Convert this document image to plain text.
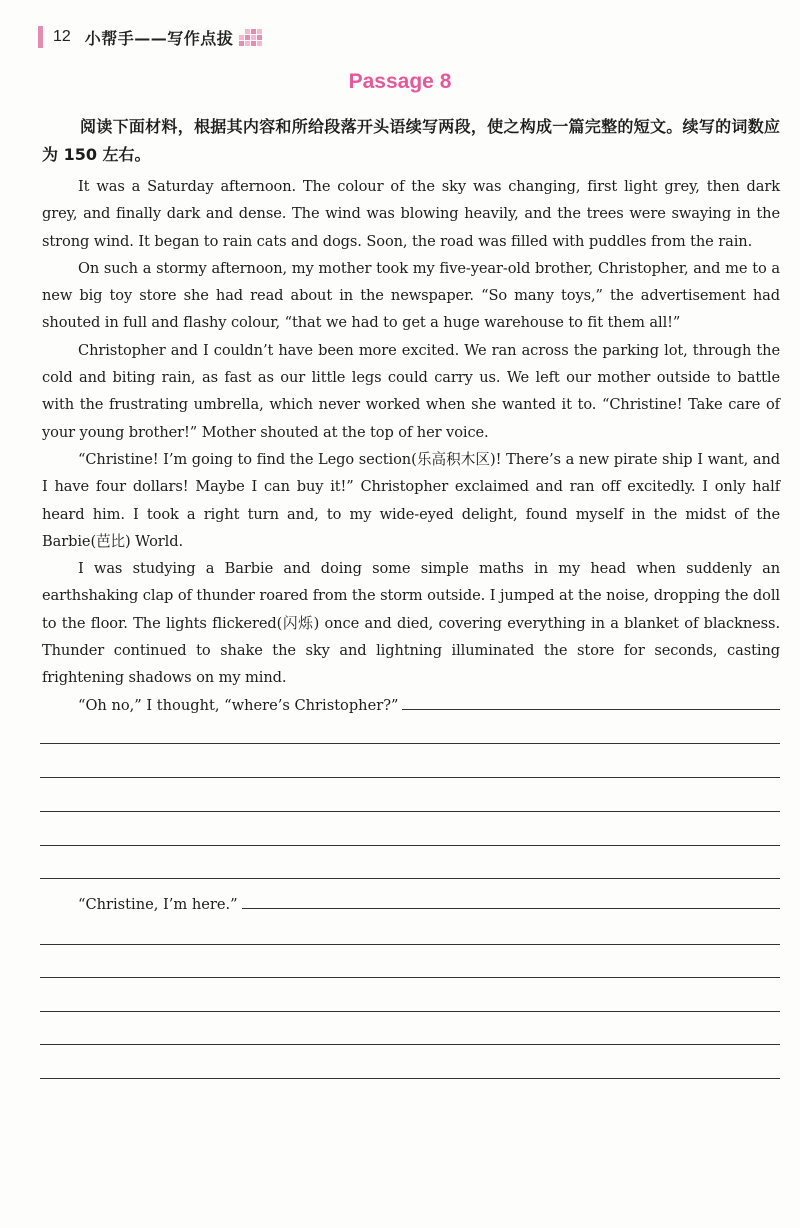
12 小帮手——写作点拔
Passage 8

阅读下面材料，根据其内容和所给段落开头语续写两段，使之构成一篇完整的短文。续写的词数应为 150 左右。

It was a Saturday afternoon. The colour of the sky was changing, first light grey, then dark grey, and finally dark and dense. The wind was blowing heavily, and the trees were swaying in the strong wind. It began to rain cats and dogs. Soon, the road was filled with puddles from the rain.

On such a stormy afternoon, my mother took my five-year-old brother, Christopher, and me to a new big toy store she had read about in the newspaper. “So many toys,” the advertisement had shouted in full and flashy colour, “that we had to get a huge warehouse to fit them all!”

Christopher and I couldn’t have been more excited. We ran across the parking lot, through the cold and biting rain, as fast as our little legs could carry us. We left our mother outside to battle with the frustrating umbrella, which never worked when she wanted it to. “Christine! Take care of your young brother!” Mother shouted at the top of her voice.

“Christine! I’m going to find the Lego section(乐高积木区)! There’s a new pirate ship I want, and I have four dollars! Maybe I can buy it!” Christopher exclaimed and ran off excitedly. I only half heard him. I took a right turn and, to my wide-eyed delight, found myself in the midst of the Barbie(芭比) World.

I was studying a Barbie and doing some simple maths in my head when suddenly an earthshaking clap of thunder roared from the storm outside. I jumped at the noise, dropping the doll to the floor. The lights flickered(闪烁) once and died, covering everything in a blanket of blackness. Thunder continued to shake the sky and lightning illuminated the store for seconds, casting frightening shadows on my mind.

“Oh no,” I thought, “where’s Christopher?”
“Christine, I’m here.”
